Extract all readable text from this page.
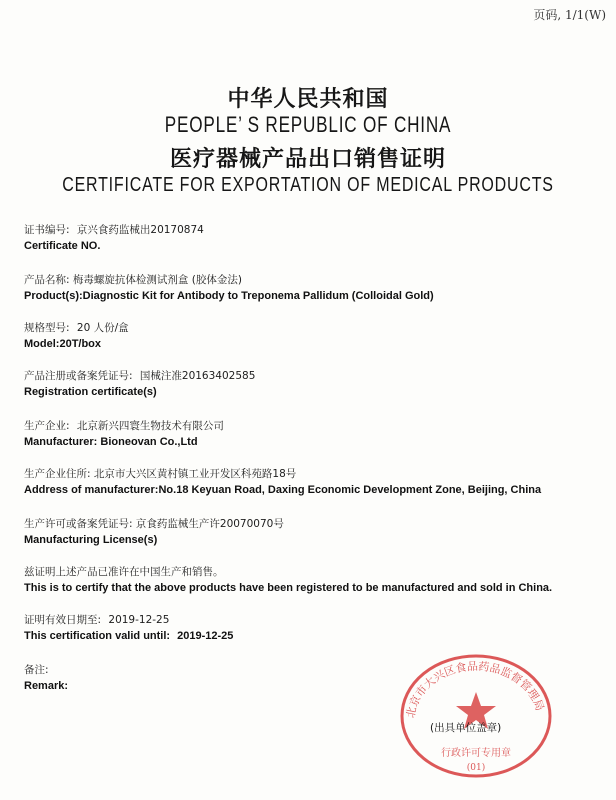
页码, 1/1(W)
中华人民共和国
PEOPLE’ S REPUBLIC OF CHINA
医疗器械产品出口销售证明
CERTIFICATE FOR EXPORTATION OF MEDICAL PRODUCTS
证书编号: 京兴食药监械出20170874
Certificate NO.
产品名称: 梅毒螺旋抗体检测试剂盒 (胶体金法)
Product(s):Diagnostic Kit for Antibody to Treponema Pallidum (Colloidal Gold)
规格型号: 20 人份/盒
Model:20T/box
产品注册或备案凭证号: 国械注准20163402585
Registration certificate(s)
生产企业: 北京新兴四寰生物技术有限公司
Manufacturer: Bioneovan Co.,Ltd
生产企业住所: 北京市大兴区黄村镇工业开发区科苑路18号
Address of manufacturer:No.18 Keyuan Road, Daxing Economic Development Zone, Beijing, China
生产许可或备案凭证号: 京食药监械生产许20070070号
Manufacturing License(s)
兹证明上述产品已准许在中国生产和销售。
This is to certify that the above products have been registered to be manufactured and sold in China.
证明有效日期至: 2019-12-25
This certification valid until: 2019-12-25
备注:
Remark:
北京市大兴区食品药品监督管理局
行政许可专用章
(01)
(出具单位盖章)
